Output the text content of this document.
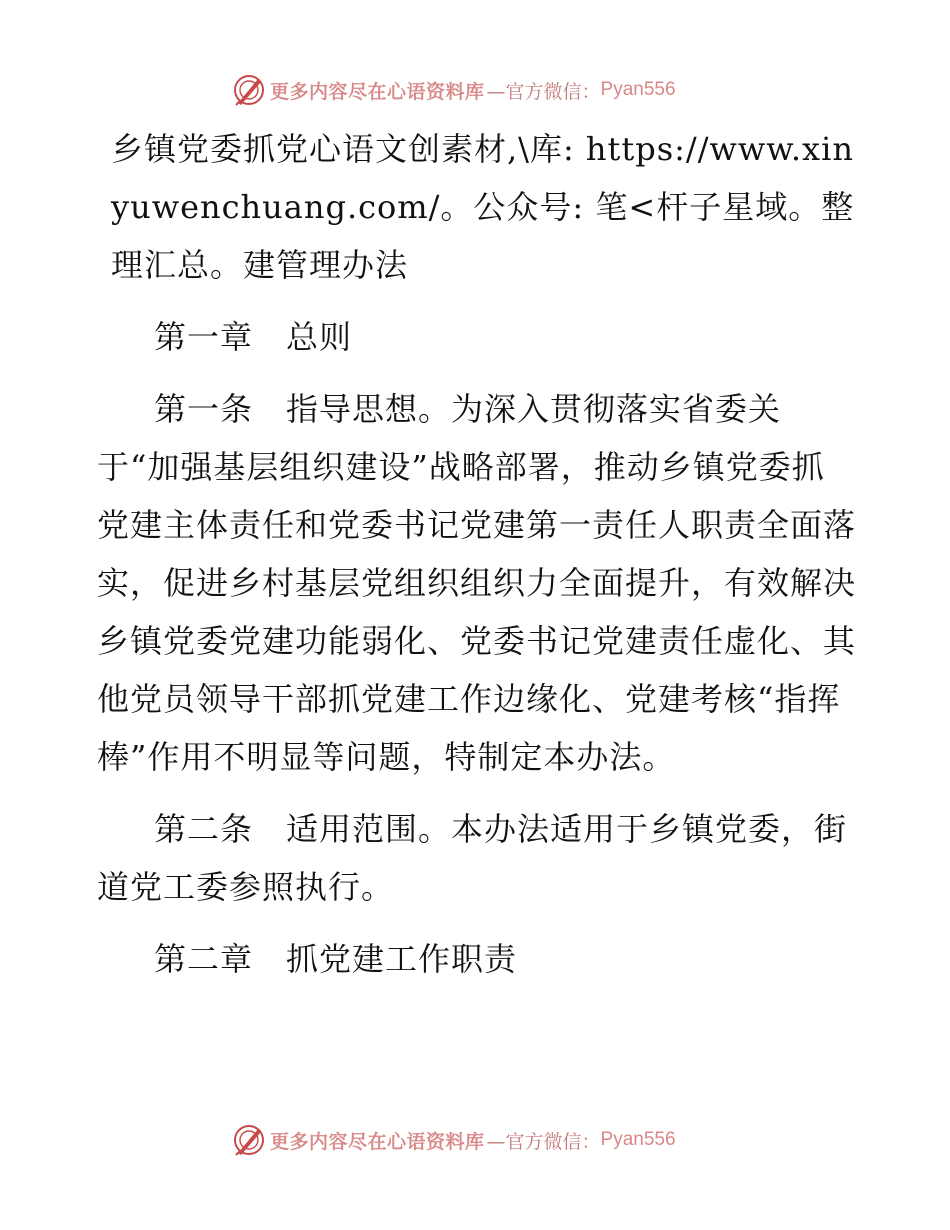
更多内容尽在心语资料库 —官方微信： Pyan556

乡镇党委抓党心语文创素材,\库: https://www.xinyuwenchuang.com/。公众号: 笔<杆子星域。整理汇总。建管理办法

第一章　总则

第一条　指导思想。为深入贯彻落实省委关于“加强基层组织建设”战略部署，推动乡镇党委抓党建主体责任和党委书记党建第一责任人职责全面落实，促进乡村基层党组织组织力全面提升，有效解决乡镇党委党建功能弱化、党委书记党建责任虚化、其他党员领导干部抓党建工作边缘化、党建考核“指挥棒”作用不明显等问题，特制定本办法。

第二条　适用范围。本办法适用于乡镇党委，街道党工委参照执行。

第二章　抓党建工作职责

更多内容尽在心语资料库 —官方微信： Pyan556
